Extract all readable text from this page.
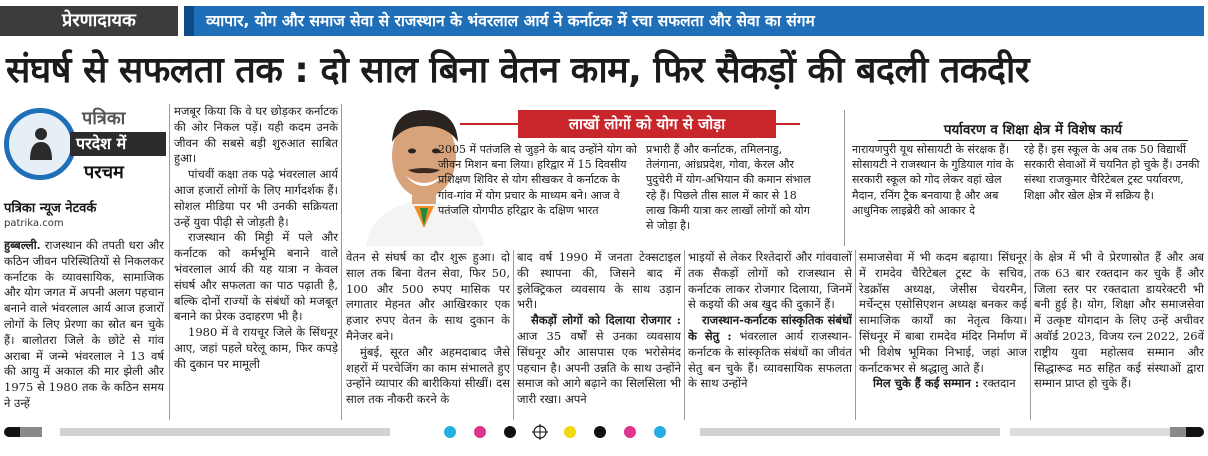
प्रेरणादायक	व्यापार, योग और समाज सेवा से राजस्थान के भंवरलाल आर्य ने कर्नाटक में रचा सफलता और सेवा का संगम
संघर्ष से सफलता तक : दो साल बिना वेतन काम, फिर सैकड़ों की बदली तकदीर
पत्रिका
परदेश में
परचम
पत्रिका न्यूज नेटवर्क
patrika.com

हुब्बल्ली. राजस्थान की तपती धरा और कठिन जीवन परिस्थितियों से निकलकर कर्नाटक के व्यावसायिक, सामाजिक और योग जगत में अपनी अलग पहचान बनाने वाले भंवरलाल आर्य आज हजारों लोगों के लिए प्रेरणा का स्रोत बन चुके हैं। बालोतरा जिले के छोटे से गांव अराबा में जन्मे भंवरलाल ने 13 वर्ष की आयु में अकाल की मार झेली और 1975 से 1980 तक के कठिन समय ने उन्हें

मजबूर किया कि वे घर छोड़कर कर्नाटक की ओर निकल पड़ें। यही कदम उनके जीवन की सबसे बड़ी शुरुआत साबित हुआ।

पांचवीं कक्षा तक पढ़े भंवरलाल आर्य आज हजारों लोगों के लिए मार्गदर्शक हैं। सोशल मीडिया पर भी उनकी सक्रियता उन्हें युवा पीढ़ी से जोड़ती है।

राजस्थान की मिट्टी में पले और कर्नाटक को कर्मभूमि बनाने वाले भंवरलाल आर्य की यह यात्रा न केवल संघर्ष और सफलता का पाठ पढ़ाती है, बल्कि दोनों राज्यों के संबंधों को मजबूत बनाने का प्रेरक उदाहरण भी है।

1980 में वे रायचूर जिले के सिंधनूर आए, जहां पहले घरेलू काम, फिर कपड़े की दुकान पर मामूली

लाखों लोगों को योग से जोड़ा

2005 में पतंजलि से जुड़ने के बाद उन्होंने योग को जीवन मिशन बना लिया। हरिद्वार में 15 दिवसीय प्रशिक्षण शिविर से योग सीखकर वे कर्नाटक के गांव-गांव में योग प्रचार के माध्यम बने। आज वे पतंजलि योगपीठ हरिद्वार के दक्षिण भारत

प्रभारी हैं और कर्नाटक, तमिलनाडु, तेलंगाना, आंध्रप्रदेश, गोवा, केरल और पुदुचेरी में योग-अभियान की कमान संभाल रहे हैं। पिछले तीस साल में कार से 18 लाख किमी यात्रा कर लाखों लोगों को योग से जोड़ा है।

पर्यावरण व शिक्षा क्षेत्र में विशेष कार्य

नारायणपुरी यूथ सोसायटी के संरक्षक हैं। सोसायटी ने राजस्थान के गुडियाल गांव के सरकारी स्कूल को गोद लेकर वहां खेल मैदान, रनिंग ट्रैक बनवाया है और अब आधुनिक लाइब्रेरी को आकार दे

रहे हैं। इस स्कूल के अब तक 50 विद्यार्थी सरकारी सेवाओं में चयनित हो चुके हैं। उनकी संस्था राजकुमार चैरिटेबल ट्रस्ट पर्यावरण, शिक्षा और खेल क्षेत्र में सक्रिय है।

वेतन से संघर्ष का दौर शुरू हुआ। दो साल तक बिना वेतन सेवा, फिर 50, 100 और 500 रुपए मासिक पर लगातार मेहनत और आखिरकार एक हजार रुपए वेतन के साथ दुकान के मैनेजर बने।

मुंबई, सूरत और अहमदाबाद जैसे शहरों में परचेजिंग का काम संभालते हुए उन्होंने व्यापार की बारीकियां सीखीं। दस साल तक नौकरी करने के

बाद वर्ष 1990 में जनता टेक्सटाइल की स्थापना की, जिसने बाद में इलेक्ट्रिकल व्यवसाय के साथ उड़ान भरी।

सैकड़ों लोगों को दिलाया रोजगार : आज 35 वर्षों से उनका व्यवसाय सिंधनूर और आसपास एक भरोसेमंद पहचान है। अपनी उन्नति के साथ उन्होंने समाज को आगे बढ़ाने का सिलसिला भी जारी रखा। अपने

भाइयों से लेकर रिश्तेदारों और गांववालों तक सैकड़ों लोगों को राजस्थान से कर्नाटक लाकर रोजगार दिलाया, जिनमें से कइयों की अब खुद की दुकानें हैं।

राजस्थान-कर्नाटक सांस्कृतिक संबंधों के सेतु : भंवरलाल आर्य राजस्थान-कर्नाटक के सांस्कृतिक संबंधों का जीवंत सेतु बन चुके हैं। व्यावसायिक सफलता के साथ उन्होंने

समाजसेवा में भी कदम बढ़ाया। सिंधनूर में रामदेव चैरिटेबल ट्रस्ट के सचिव, रेडक्रॉस अध्यक्ष, जेसीस चेयरमैन, मर्चेन्ट्स एसोसिएशन अध्यक्ष बनकर कई सामाजिक कार्यों का नेतृत्व किया। सिंधनूर में बाबा रामदेव मंदिर निर्माण में भी विशेष भूमिका निभाई, जहां आज कर्नाटकभर से श्रद्धालु आते हैं।

मिल चुके हैं कई सम्मान : रक्तदान

के क्षेत्र में भी वे प्रेरणास्रोत हैं और अब तक 63 बार रक्तदान कर चुके हैं और जिला स्तर पर रक्तदाता डायरेक्टरी भी बनी हुई है। योग, शिक्षा और समाजसेवा में उत्कृष्ट योगदान के लिए उन्हें अचीवर अवॉर्ड 2023, विजय रत्न 2022, 26वें राष्ट्रीय युवा महोत्सव सम्मान और सिद्धारूढ मठ सहित कई संस्थाओं द्वारा सम्मान प्राप्त हो चुके हैं।
